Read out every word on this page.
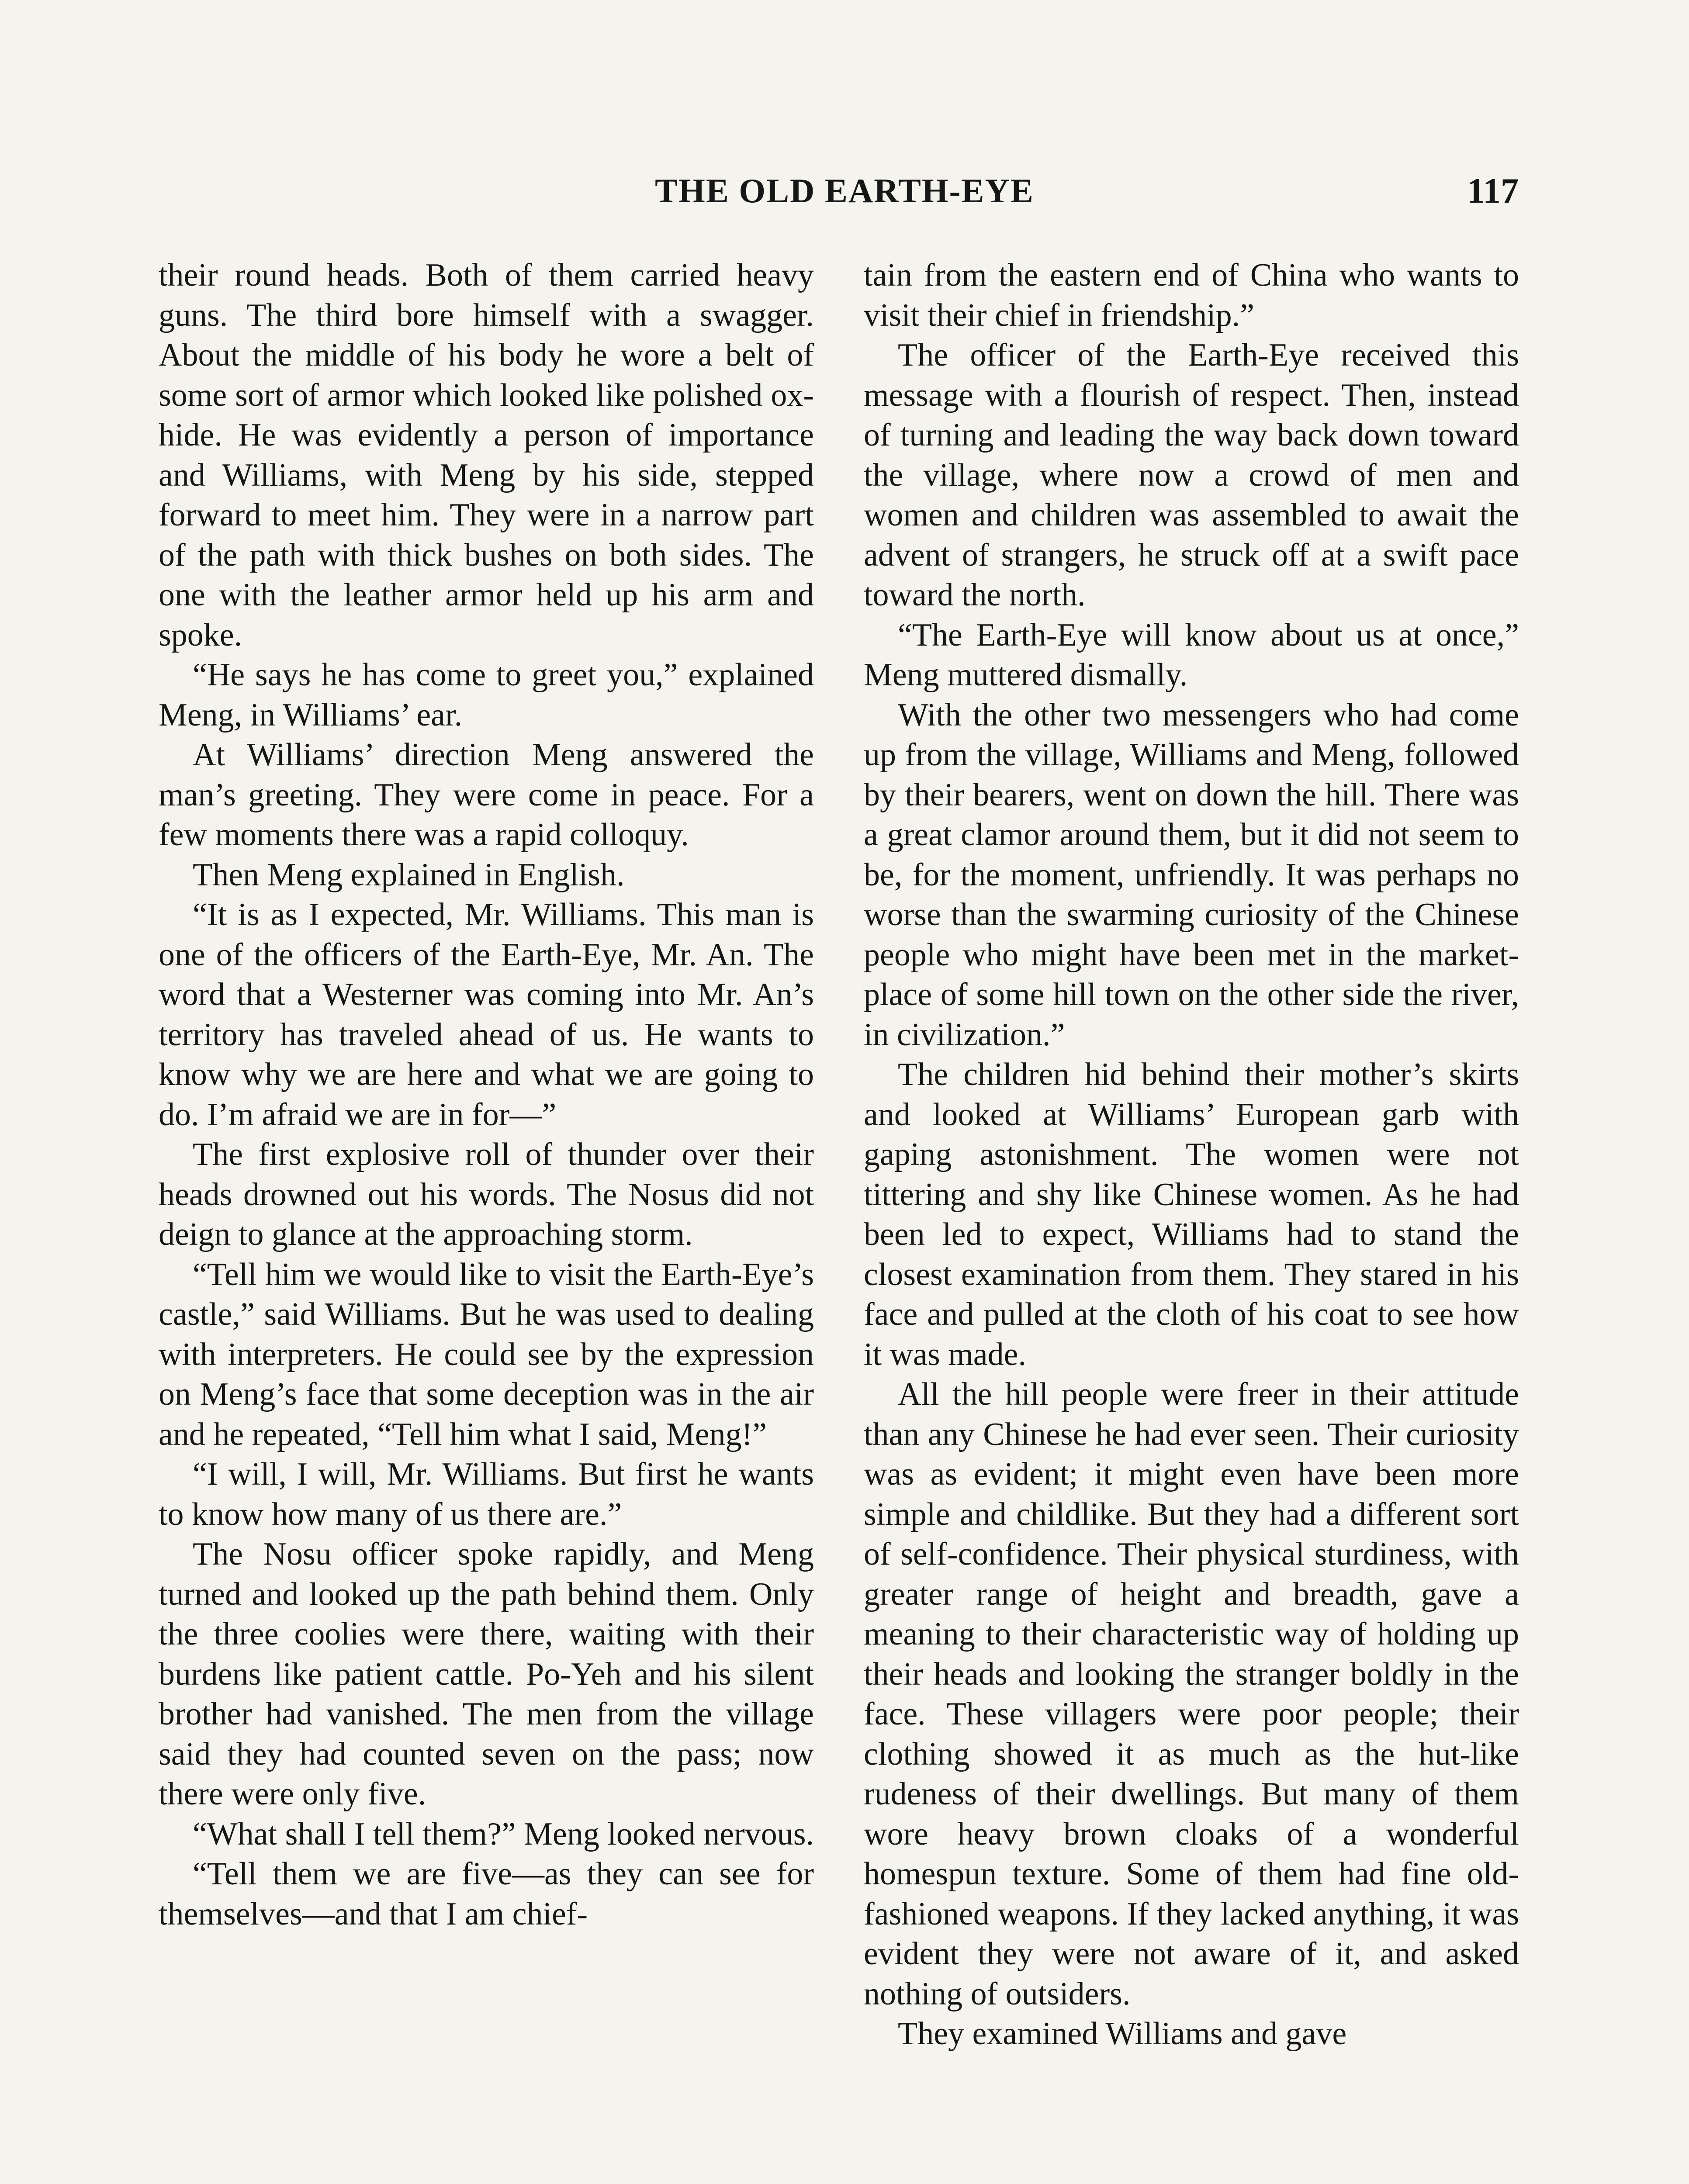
THE OLD EARTH-EYE	117

their round heads. Both of them carried heavy guns. The third bore himself with a swagger. About the middle of his body he wore a belt of some sort of armor which looked like polished ox-hide. He was evidently a person of importance and Williams, with Meng by his side, stepped forward to meet him. They were in a narrow part of the path with thick bushes on both sides. The one with the leather armor held up his arm and spoke.

“He says he has come to greet you,” explained Meng, in Williams’ ear.

At Williams’ direction Meng answered the man’s greeting. They were come in peace. For a few moments there was a rapid colloquy.

Then Meng explained in English.

“It is as I expected, Mr. Williams. This man is one of the officers of the Earth-Eye, Mr. An. The word that a Westerner was coming into Mr. An’s territory has traveled ahead of us. He wants to know why we are here and what we are going to do. I’m afraid we are in for—”

The first explosive roll of thunder over their heads drowned out his words. The Nosus did not deign to glance at the approaching storm.

“Tell him we would like to visit the Earth-Eye’s castle,” said Williams. But he was used to dealing with interpreters. He could see by the expression on Meng’s face that some deception was in the air and he repeated, “Tell him what I said, Meng!”

“I will, I will, Mr. Williams. But first he wants to know how many of us there are.”

The Nosu officer spoke rapidly, and Meng turned and looked up the path behind them. Only the three coolies were there, waiting with their burdens like patient cattle. Po-Yeh and his silent brother had vanished. The men from the village said they had counted seven on the pass; now there were only five.

“What shall I tell them?” Meng looked nervous.

“Tell them we are five—as they can see for themselves—and that I am chief-

tain from the eastern end of China who wants to visit their chief in friendship.”

The officer of the Earth-Eye received this message with a flourish of respect. Then, instead of turning and leading the way back down toward the village, where now a crowd of men and women and children was assembled to await the advent of strangers, he struck off at a swift pace toward the north.

“The Earth-Eye will know about us at once,” Meng muttered dismally.

With the other two messengers who had come up from the village, Williams and Meng, followed by their bearers, went on down the hill. There was a great clamor around them, but it did not seem to be, for the moment, unfriendly. It was perhaps no worse than the swarming curiosity of the Chinese people who might have been met in the market-place of some hill town on the other side the river, in civilization.”

The children hid behind their mother’s skirts and looked at Williams’ European garb with gaping astonishment. The women were not tittering and shy like Chinese women. As he had been led to expect, Williams had to stand the closest examination from them. They stared in his face and pulled at the cloth of his coat to see how it was made.

All the hill people were freer in their attitude than any Chinese he had ever seen. Their curiosity was as evident; it might even have been more simple and childlike. But they had a different sort of self-confidence. Their physical sturdiness, with greater range of height and breadth, gave a meaning to their characteristic way of holding up their heads and looking the stranger boldly in the face. These villagers were poor people; their clothing showed it as much as the hut-like rudeness of their dwellings. But many of them wore heavy brown cloaks of a wonderful homespun texture. Some of them had fine old-fashioned weapons. If they lacked anything, it was evident they were not aware of it, and asked nothing of outsiders.

They examined Williams and gave
